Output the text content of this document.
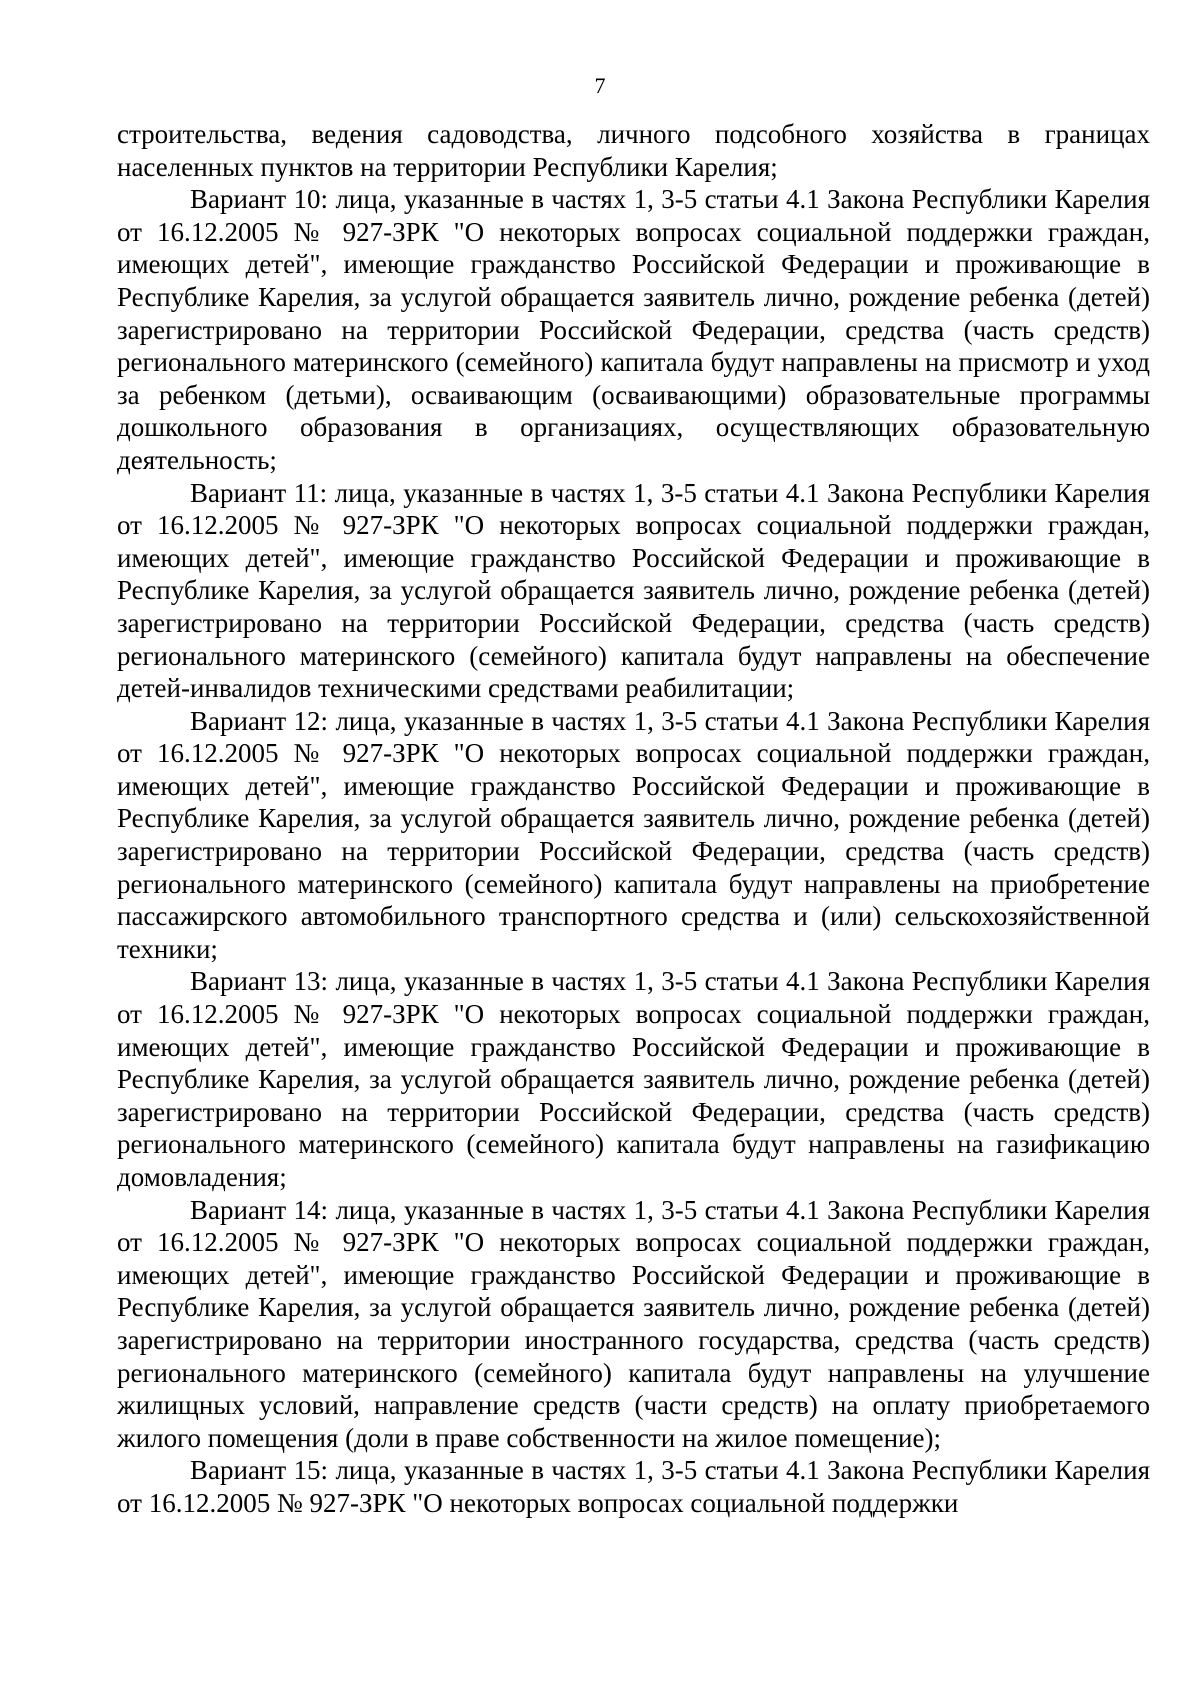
7

строительства, ведения садоводства, личного подсобного хозяйства в границах населенных пунктов на территории Республики Карелия;

Вариант 10: лица, указанные в частях 1, 3-5 статьи 4.1 Закона Республики Карелия от 16.12.2005 № 927-ЗРК "О некоторых вопросах социальной поддержки граждан, имеющих детей", имеющие гражданство Российской Федерации и проживающие в Республике Карелия, за услугой обращается заявитель лично, рождение ребенка (детей) зарегистрировано на территории Российской Федерации, средства (часть средств) регионального материнского (семейного) капитала будут направлены на присмотр и уход за ребенком (детьми), осваивающим (осваивающими) образовательные программы дошкольного образования в организациях, осуществляющих образовательную деятельность;

Вариант 11: лица, указанные в частях 1, 3-5 статьи 4.1 Закона Республики Карелия от 16.12.2005 № 927-ЗРК "О некоторых вопросах социальной поддержки граждан, имеющих детей", имеющие гражданство Российской Федерации и проживающие в Республике Карелия, за услугой обращается заявитель лично, рождение ребенка (детей) зарегистрировано на территории Российской Федерации, средства (часть средств) регионального материнского (семейного) капитала будут направлены на обеспечение детей-инвалидов техническими средствами реабилитации;

Вариант 12: лица, указанные в частях 1, 3-5 статьи 4.1 Закона Республики Карелия от 16.12.2005 № 927-ЗРК "О некоторых вопросах социальной поддержки граждан, имеющих детей", имеющие гражданство Российской Федерации и проживающие в Республике Карелия, за услугой обращается заявитель лично, рождение ребенка (детей) зарегистрировано на территории Российской Федерации, средства (часть средств) регионального материнского (семейного) капитала будут направлены на приобретение пассажирского автомобильного транспортного средства и (или) сельскохозяйственной техники;

Вариант 13: лица, указанные в частях 1, 3-5 статьи 4.1 Закона Республики Карелия от 16.12.2005 № 927-ЗРК "О некоторых вопросах социальной поддержки граждан, имеющих детей", имеющие гражданство Российской Федерации и проживающие в Республике Карелия, за услугой обращается заявитель лично, рождение ребенка (детей) зарегистрировано на территории Российской Федерации, средства (часть средств) регионального материнского (семейного) капитала будут направлены на газификацию домовладения;

Вариант 14: лица, указанные в частях 1, 3-5 статьи 4.1 Закона Республики Карелия от 16.12.2005 № 927-ЗРК "О некоторых вопросах социальной поддержки граждан, имеющих детей", имеющие гражданство Российской Федерации и проживающие в Республике Карелия, за услугой обращается заявитель лично, рождение ребенка (детей) зарегистрировано на территории иностранного государства, средства (часть средств) регионального материнского (семейного) капитала будут направлены на улучшение жилищных условий, направление средств (части средств) на оплату приобретаемого жилого помещения (доли в праве собственности на жилое помещение);

Вариант 15: лица, указанные в частях 1, 3-5 статьи 4.1 Закона Республики Карелия от 16.12.2005 № 927-ЗРК "О некоторых вопросах социальной поддержки
